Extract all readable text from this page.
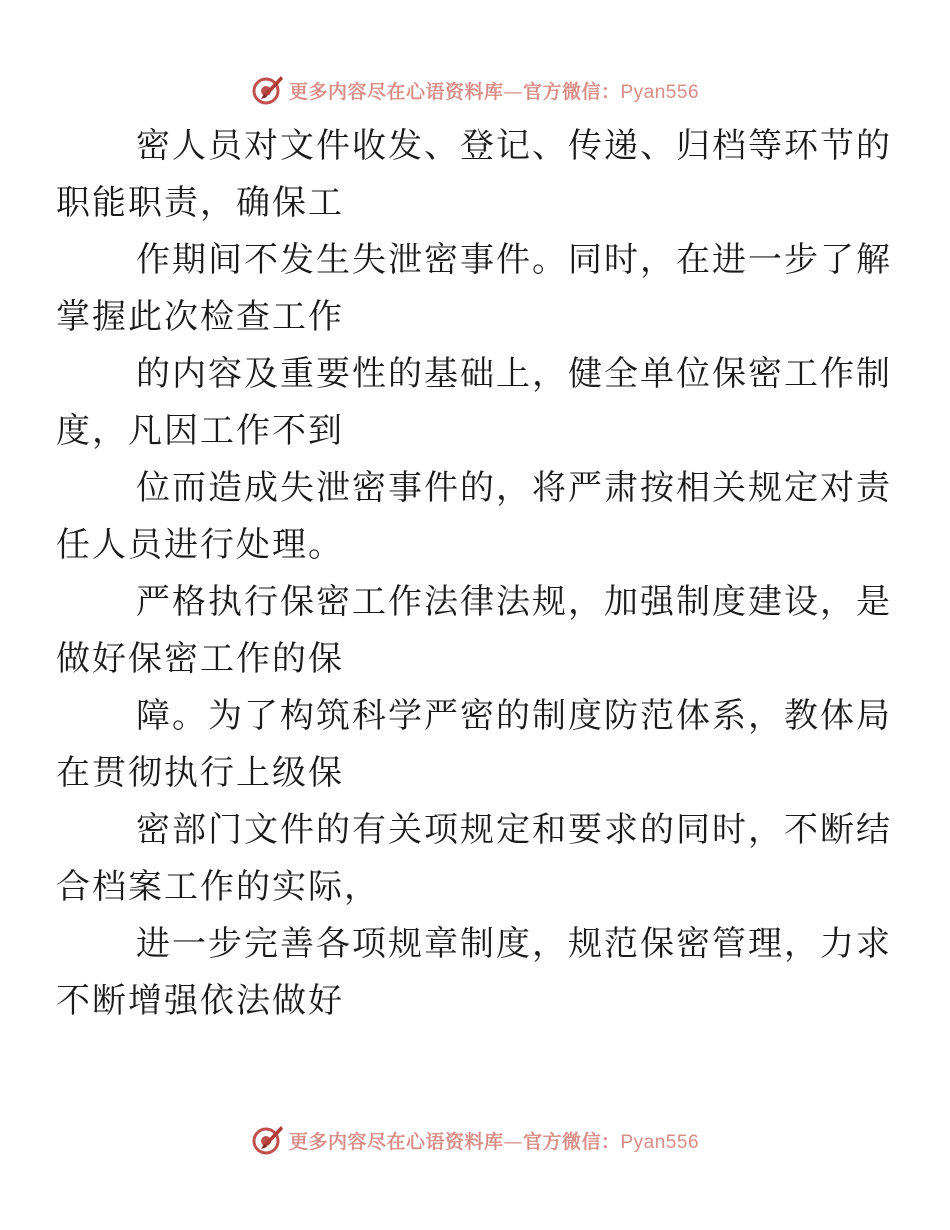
更多内容尽在心语资料库—官方微信：Pyan556

密人员对文件收发、登记、传递、归档等环节的
职能职责，确保工

作期间不发生失泄密事件。同时，在进一步了解
掌握此次检查工作

的内容及重要性的基础上，健全单位保密工作制
度，凡因工作不到

位而造成失泄密事件的，将严肃按相关规定对责
任人员进行处理。

严格执行保密工作法律法规，加强制度建设，是
做好保密工作的保

障。为了构筑科学严密的制度防范体系，教体局
在贯彻执行上级保

密部门文件的有关项规定和要求的同时，不断结
合档案工作的实际，

进一步完善各项规章制度，规范保密管理，力求
不断增强依法做好

更多内容尽在心语资料库—官方微信：Pyan556
